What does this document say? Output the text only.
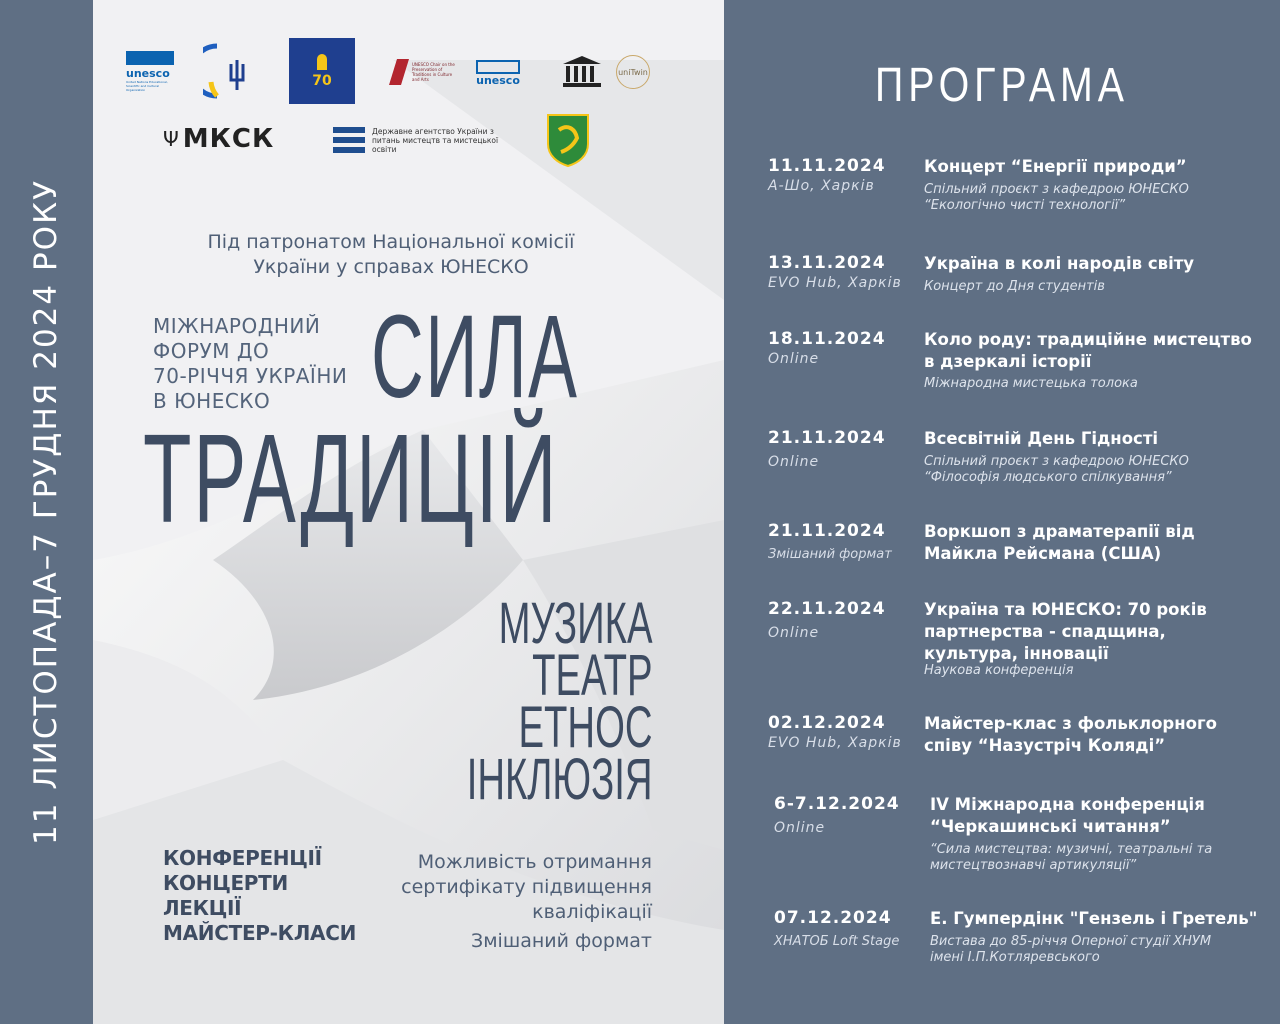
11 ЛИСТОПАДА–7 ГРУДНЯ 2024 РОКУ
unesco
United Nations Educational, Scientific and Cultural Organization
70
UNESCO Chair on the Preservation of Traditions in Culture and Arts	unesco
uniTwin
Ψ МКСК	Державне агентство України з питань мистецтв та мистецької освіти
Під патронатом Національної комісії
України у справах ЮНЕСКО
МІЖНАРОДНИЙ
ФОРУМ ДО
70-РІЧЧЯ УКРАЇНИ
В ЮНЕСКО СИЛА
ТРАДИЦІЙ
МУЗИКА
ТЕАТР
ЕТНОС
ІНКЛЮЗІЯ
КОНФЕРЕНЦІЇ
КОНЦЕРТИ
ЛЕКЦІЇ
МАЙСТЕР-КЛАСИ
Можливість отримання
сертифікату підвищення
кваліфікації
Змішаний формат
ПРОГРАМА
11.11.2024
А-Шо, Харків
Концерт “Енергії природи”
Спільний проєкт з кафедрою ЮНЕСКО “Екологічно чисті технології”
13.11.2024
EVO Hub, Харків
Україна в колі народів світу
Концерт до Дня студентів
18.11.2024
Online
Коло роду: традиційне мистецтво в дзеркалі історії
Міжнародна мистецька толока
21.11.2024
Online
Всесвітній День Гідності
Спільний проєкт з кафедрою ЮНЕСКО “Філософія людського спілкування”
21.11.2024
Змішаний формат
Воркшоп з драматерапії від Майкла Рейсмана (США)
22.11.2024
Online
Україна та ЮНЕСКО: 70 років партнерства - спадщина, культура, інновації
Наукова конференція
02.12.2024
EVO Hub, Харків
Майстер-клас з фольклорного співу “Назустріч Коляді”
6-7.12.2024
Online
IV Міжнародна конференція “Черкашинські читання”
“Сила мистецтва: музичні, театральні та мистецтвознавчі артикуляції”
07.12.2024
ХНАТОБ Loft Stage
Е. Гумпердінк "Гензель і Гретель"
Вистава до 85-річчя Оперної студії ХНУМ імені І.П.Котляревського
